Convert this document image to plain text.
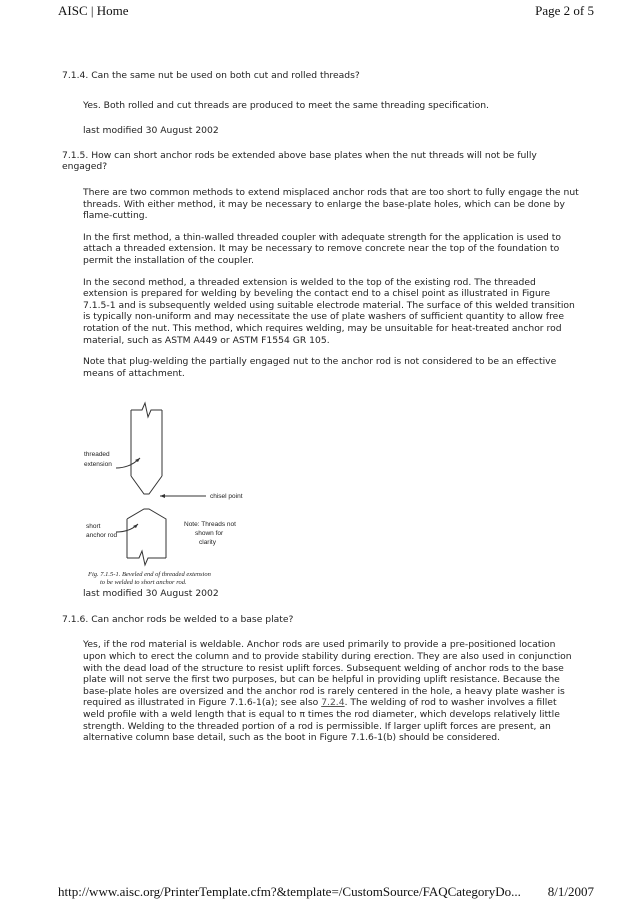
AISC | Home	Page 2 of 5

7.1.4. Can the same nut be used on both cut and rolled threads?

Yes. Both rolled and cut threads are produced to meet the same threading specification.

last modified 30 August 2002

7.1.5. How can short anchor rods be extended above base plates when the nut threads will not be fully engaged?

There are two common methods to extend misplaced anchor rods that are too short to fully engage the nut threads. With either method, it may be necessary to enlarge the base-plate holes, which can be done by flame-cutting.

In the first method, a thin-walled threaded coupler with adequate strength for the application is used to attach a threaded extension. It may be necessary to remove concrete near the top of the foundation to permit the installation of the coupler.

In the second method, a threaded extension is welded to the top of the existing rod. The threaded extension is prepared for welding by beveling the contact end to a chisel point as illustrated in Figure 7.1.5-1 and is subsequently welded using suitable electrode material. The surface of this welded transition is typically non-uniform and may necessitate the use of plate washers of sufficient quantity to allow free rotation of the nut. This method, which requires welding, may be unsuitable for heat-treated anchor rod material, such as ASTM A449 or ASTM F1554 GR 105.

Note that plug-welding the partially engaged nut to the anchor rod is not considered to be an effective means of attachment.

last modified 30 August 2002

7.1.6. Can anchor rods be welded to a base plate?

Yes, if the rod material is weldable. Anchor rods are used primarily to provide a pre-positioned location upon which to erect the column and to provide stability during erection. They are also used in conjunction with the dead load of the structure to resist uplift forces. Subsequent welding of anchor rods to the base plate will not serve the first two purposes, but can be helpful in providing uplift resistance. Because the base-plate holes are oversized and the anchor rod is rarely centered in the hole, a heavy plate washer is required as illustrated in Figure 7.1.6-1(a); see also 7.2.4. The welding of rod to washer involves a fillet weld profile with a weld length that is equal to π times the rod diameter, which develops relatively little strength. Welding to the threaded portion of a rod is permissible. If larger uplift forces are present, an alternative column base detail, such as the boot in Figure 7.1.6-1(b) should be considered.

threaded
extension
chisel point
short
anchor rod
Note: Threads not
shown for
clarity
Fig. 7.1.5-1. Beveled end of threaded extension
to be welded to short anchor rod.
http://www.aisc.org/PrinterTemplate.cfm?&template=/CustomSource/FAQCategoryDo... 8/1/2007
